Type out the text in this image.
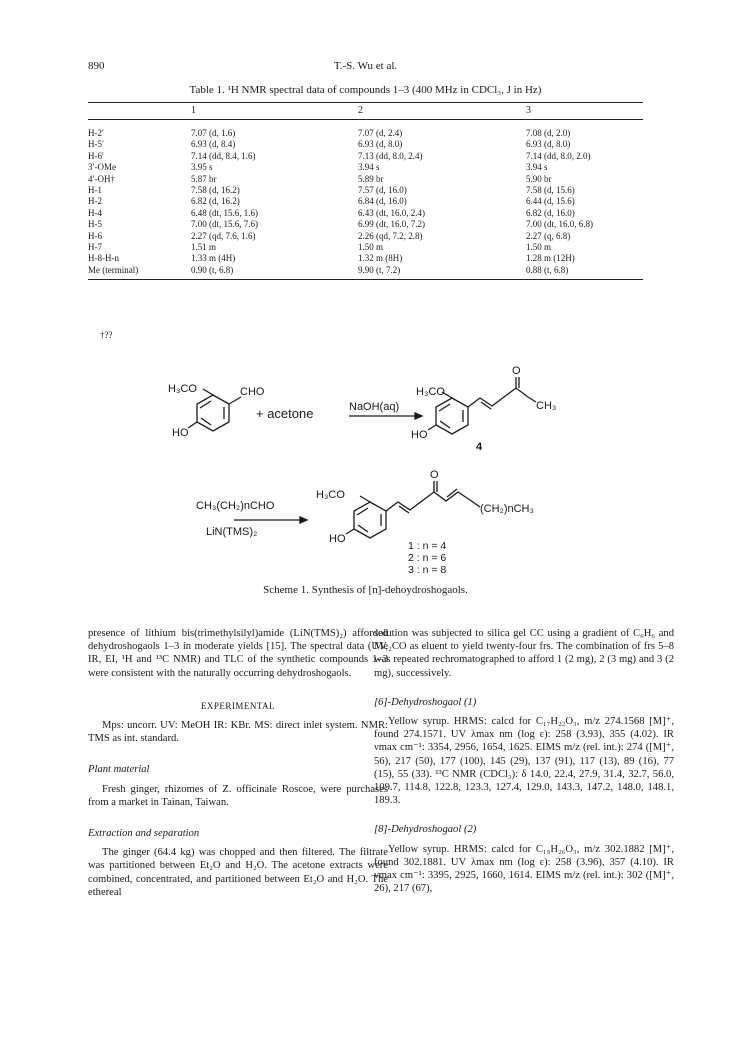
890	T.-S. Wu et al.
Table 1. ¹H NMR spectral data of compounds 1–3 (400 MHz in CDCl₃, J in Hz)
	1	2	3
H-2′	7.07 (d, 1.6)	7.07 (d, 2.4)	7.08 (d, 2.0)
H-5′	6.93 (d, 8.4)	6.93 (d, 8.0)	6.93 (d, 8.0)
H-6′	7.14 (dd, 8.4, 1.6)	7.13 (dd, 8.0, 2.4)	7.14 (dd, 8.0, 2.0)
3′-OMe	3.95 s	3.94 s	3.94 s
4′-OH†	5.87 br	5.89 br	5.90 br
H-1	7.58 (d, 16.2)	7.57 (d, 16.0)	7.58 (d, 15.6)
H-2	6.82 (d, 16.2)	6.84 (d, 16.0)	6.44 (d, 15.6)
H-4	6.48 (dt, 15.6, 1.6)	6.43 (dt, 16.0, 2.4)	6.82 (d, 16.0)
H-5	7.00 (dt, 15.6, 7.6)	6.99 (dt, 16.0, 7.2)	7.00 (dt, 16.0, 6.8)
H-6	2.27 (qd, 7.6, 1.6)	2.26 (qd, 7.2, 2.8)	2.27 (q, 6.8)
H-7	1.51 m	1.50 m	1.50 m
H-8-H-n	1.33 m (4H)	1.32 m (8H)	1.28 m (12H)
Me (terminal)	0.90 (t, 6.8)	9.90 (t, 7.2)	0.88 (t, 6.8)
†??
H₃CO	CHO
HO
+ acetone	NaOH(aq)
H₃CO
O
CH₃
HO
4
CH₃(CH₂)nCHO
LiN(TMS)₂
H₃CO
O
(CH₂)nCH₃
HO
1 : n = 4
2 : n = 6
3 : n = 8
Scheme 1. Synthesis of [n]-dehoydroshogaols.

presence of lithium bis(trimethylsilyl)amide (LiN(TMS)₂) afforded dehydroshogaols 1–3 in moderate yields [15]. The spectral data (UV, IR, EI, ¹H and ¹³C NMR) and TLC of the synthetic compounds 1–3 were consistent with the naturally occurring dehydroshogaols.

EXPERIMENTAL

Mps: uncorr. UV: MeOH IR: KBr. MS: direct inlet system. NMR: TMS as int. standard.

Plant material

Fresh ginger, rhizomes of Z. officinale Roscoe, were purchases from a market in Tainan, Taiwan.

Extraction and separation

The ginger (64.4 kg) was chopped and then filtered. The filtrate was partitioned between Et₂O and H₂O. The acetone extracts were combined, concentrated, and partitioned between Et₂O and H₂O. The ethereal

solution was subjected to silica gel CC using a gradient of C₆H₆ and Me₂CO as eluent to yield twenty-four frs. The combination of frs 5–8 was repeated rechromatographed to afford 1 (2 mg), 2 (3 mg) and 3 (2 mg), successively.

[6]-Dehydroshogaol (1)

Yellow syrup. HRMS: calcd for C₁₇H₂₂O₃, m/z 274.1568 [M]⁺, found 274.1571. UV λmax nm (log ε): 258 (3.93), 355 (4.02). IR νmax cm⁻¹: 3354, 2956, 1654, 1625. EIMS m/z (rel. int.): 274 ([M]⁺, 56), 217 (50), 177 (100), 145 (29), 137 (91), 117 (13), 89 (16), 77 (15), 55 (33). ¹³C NMR (CDCl₃): δ 14.0, 22.4, 27.9, 31.4, 32.7, 56.0, 109.7, 114.8, 122.8, 123.3, 127.4, 129.0, 143.3, 147.2, 148.0, 148.1, 189.3.

[8]-Dehydroshogaol (2)

Yellow syrup. HRMS: calcd for C₁₉H₂₆O₃, m/z 302.1882 [M]⁺, found 302.1881. UV λmax nm (log ε): 258 (3.96), 357 (4.10). IR νmax cm⁻¹: 3395, 2925, 1660, 1614. EIMS m/z (rel. int.): 302 ([M]⁺, 26), 217 (67),
